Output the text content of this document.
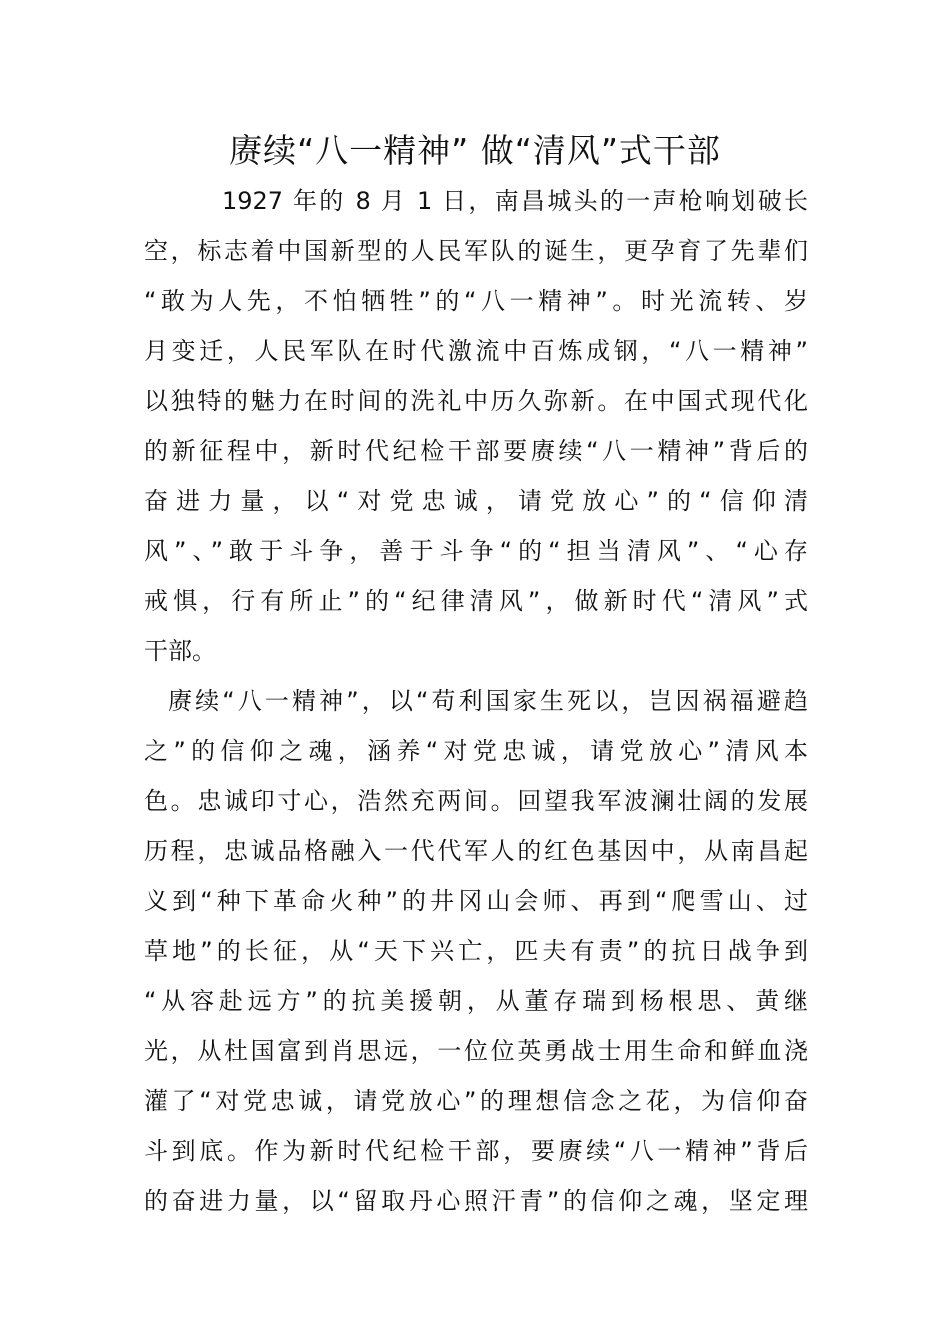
赓续“八一精神” 做“清风”式干部
1927 年的 8 月 1 日，南昌城头的一声枪响划破长
空，标志着中国新型的人民军队的诞生，更孕育了先辈们
“敢为人先，不怕牺牲”的“八一精神”。时光流转、岁
月变迁，人民军队在时代激流中百炼成钢，“八一精神”
以独特的魅力在时间的洗礼中历久弥新。在中国式现代化
的新征程中，新时代纪检干部要赓续“八一精神”背后的
奋进力量，以“对党忠诚，请党放心”的“信仰清
风”、”敢于斗争，善于斗争“的“担当清风”、“心存
戒惧，行有所止”的“纪律清风”，做新时代“清风”式
干部。
赓续“八一精神”，以“苟利国家生死以，岂因祸福避趋
之”的信仰之魂，涵养“对党忠诚，请党放心”清风本
色。忠诚印寸心，浩然充两间。回望我军波澜壮阔的发展
历程，忠诚品格融入一代代军人的红色基因中，从南昌起
义到“种下革命火种”的井冈山会师、再到“爬雪山、过
草地”的长征，从“天下兴亡，匹夫有责”的抗日战争到
“从容赴远方”的抗美援朝，从董存瑞到杨根思、黄继
光，从杜国富到肖思远，一位位英勇战士用生命和鲜血浇
灌了“对党忠诚，请党放心”的理想信念之花，为信仰奋
斗到底。作为新时代纪检干部，要赓续“八一精神”背后
的奋进力量，以“留取丹心照汗青”的信仰之魂，坚定理
